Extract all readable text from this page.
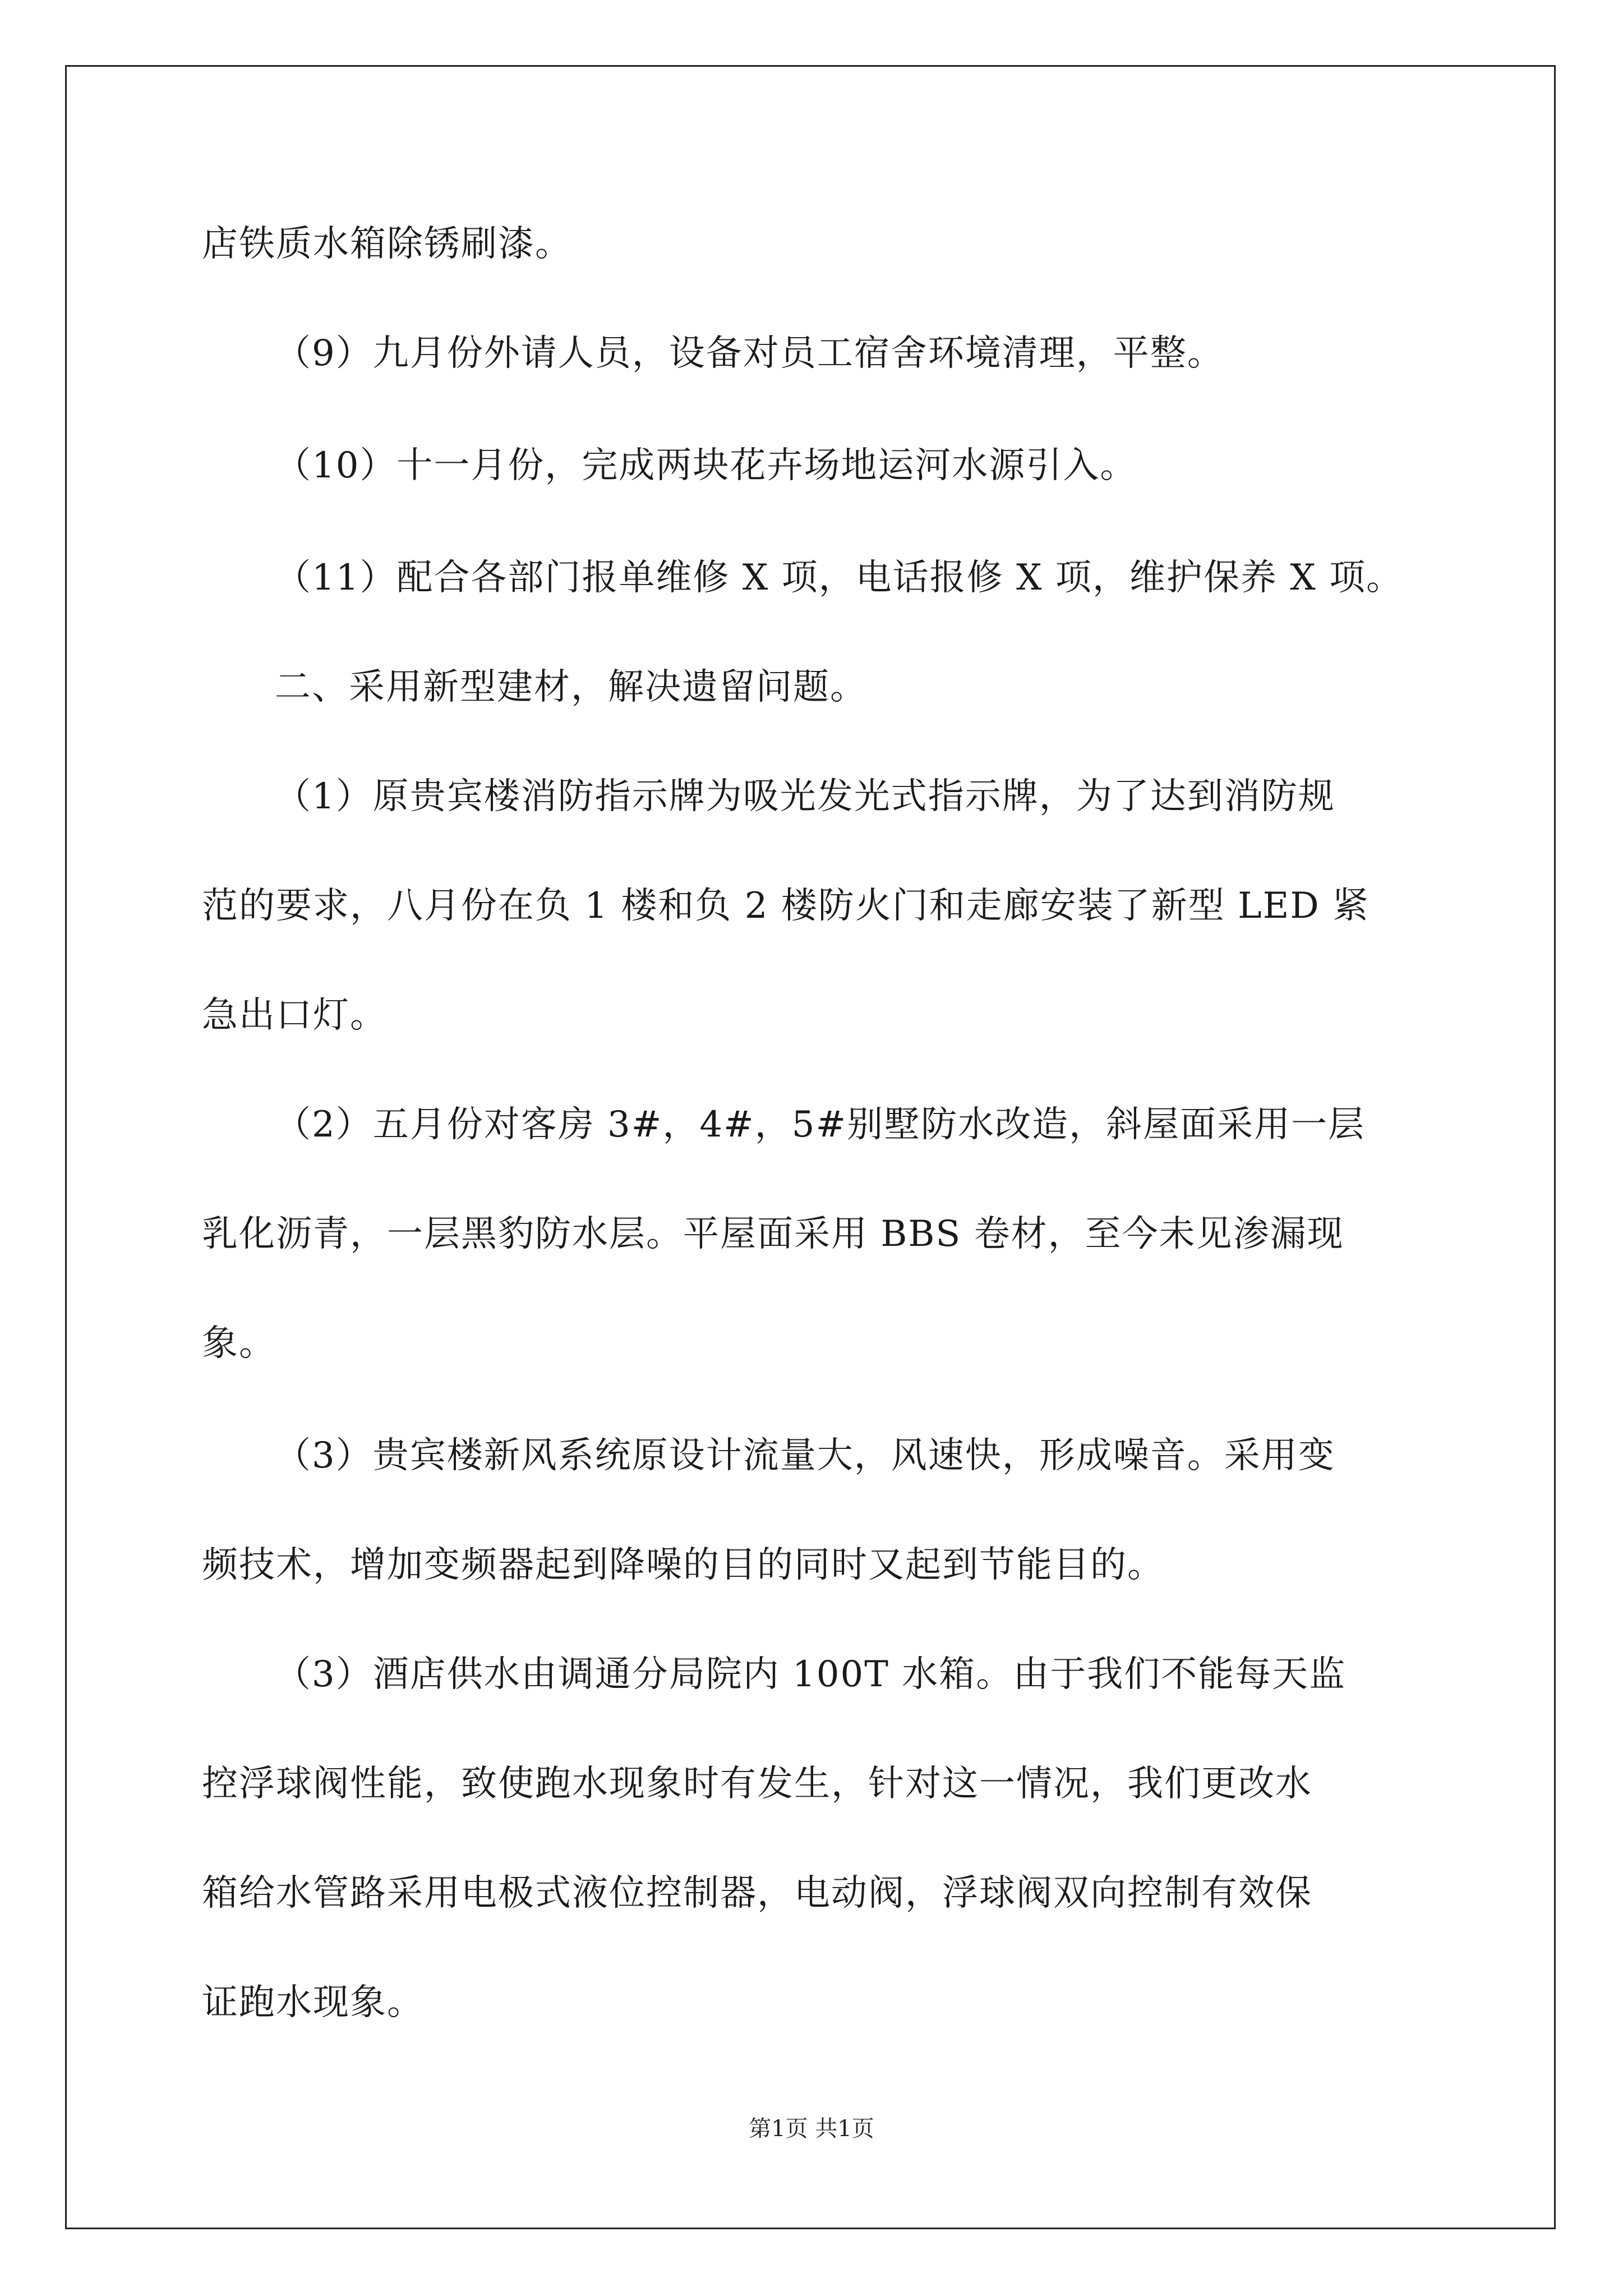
店铁质水箱除锈刷漆。
（9）九月份外请人员，设备对员工宿舍环境清理，平整。
（10）十一月份，完成两块花卉场地运河水源引入。
（11）配合各部门报单维修 X 项，电话报修 X 项，维护保养 X 项。
二、采用新型建材，解决遗留问题。
（1）原贵宾楼消防指示牌为吸光发光式指示牌，为了达到消防规
范的要求，八月份在负 1 楼和负 2 楼防火门和走廊安装了新型 LED 紧
急出口灯。
（2）五月份对客房 3#，4#，5#别墅防水改造，斜屋面采用一层
乳化沥青，一层黑豹防水层。平屋面采用 BBS 卷材，至今未见渗漏现
象。
（3）贵宾楼新风系统原设计流量大，风速快，形成噪音。采用变
频技术，增加变频器起到降噪的目的同时又起到节能目的。
（3）酒店供水由调通分局院内 100T 水箱。由于我们不能每天监
控浮球阀性能，致使跑水现象时有发生，针对这一情况，我们更改水
箱给水管路采用电极式液位控制器，电动阀，浮球阀双向控制有效保
证跑水现象。
第1页 共1页
